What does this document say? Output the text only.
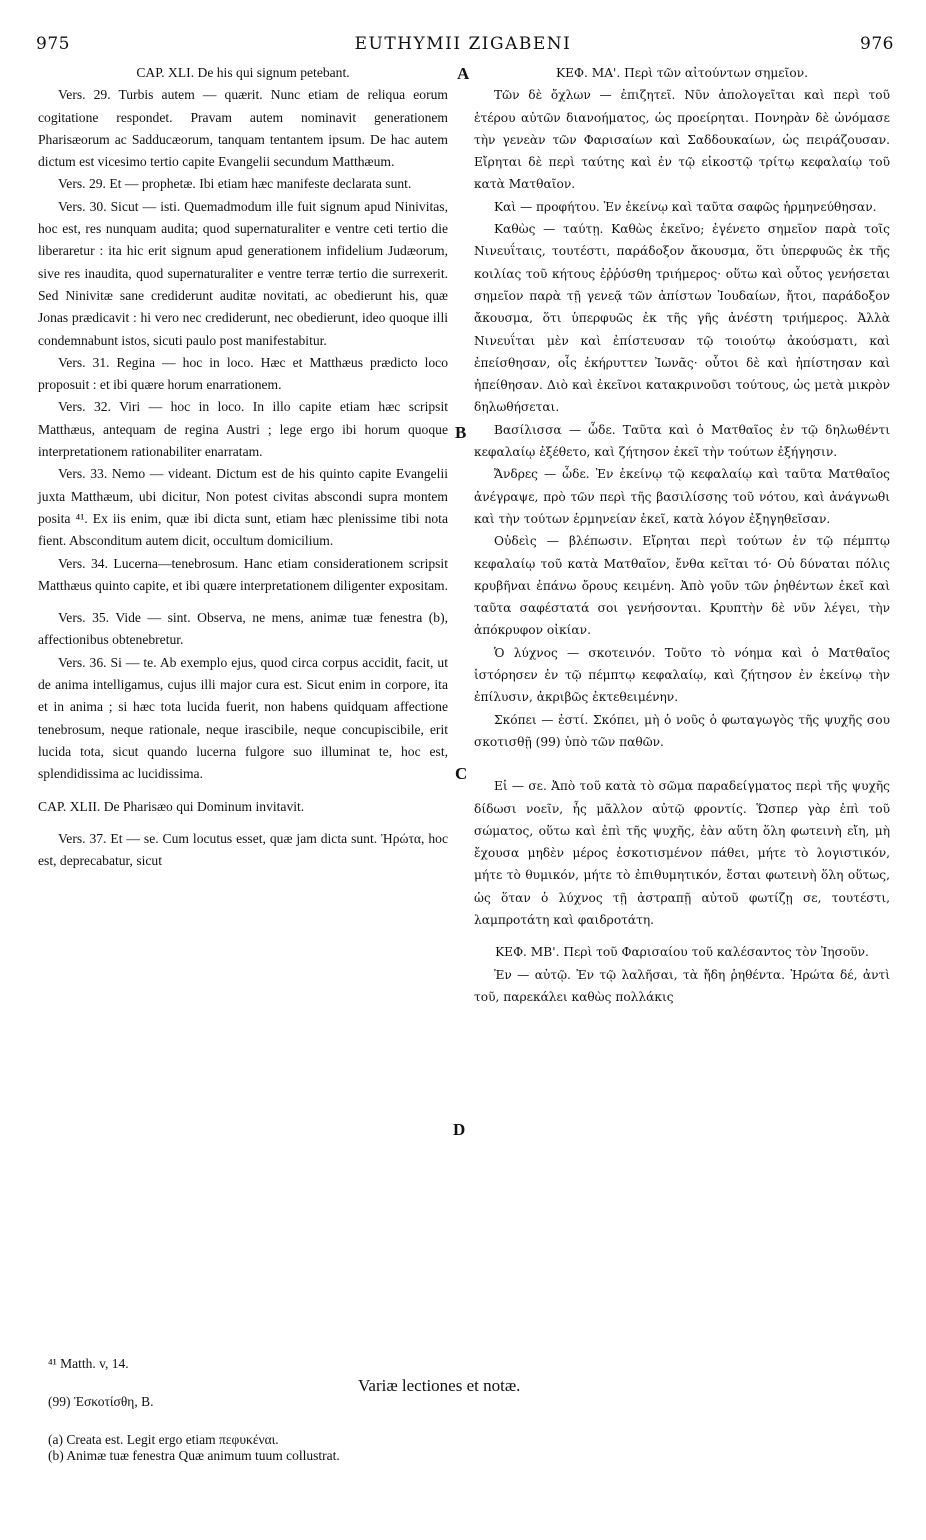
975	EUTHYMII ZIGABENI	976
A
B
C
D

CAP. XLI. De his qui signum petebant.

Vers. 29. Turbis autem — quærit. Nunc etiam de reliqua eorum cogitatione respondet. Pravam autem nominavit generationem Pharisæorum ac Sadducæorum, tanquam tentantem ipsum. De hac autem dictum est vicesimo tertio capite Evangelii secundum Matthæum.

Vers. 29. Et — prophetæ. Ibi etiam hæc manifeste declarata sunt.

Vers. 30. Sicut — isti. Quemadmodum ille fuit signum apud Ninivitas, hoc est, res nunquam audita; quod supernaturaliter e ventre ceti tertio die liberaretur : ita hic erit signum apud generationem infidelium Judæorum, sive res inaudita, quod supernaturaliter e ventre terræ tertio die surrexerit. Sed Ninivitæ sane crediderunt auditæ novitati, ac obedierunt his, quæ Jonas prædicavit : hi vero nec crediderunt, nec obedierunt, ideo quoque illi condemnabunt istos, sicuti paulo post manifestabitur.

Vers. 31. Regina — hoc in loco. Hæc et Matthæus prædicto loco proposuit : et ibi quære horum enarrationem.

Vers. 32. Viri — hoc in loco. In illo capite etiam hæc scripsit Matthæus, antequam de regina Austri ; lege ergo ibi horum quoque interpretationem rationabiliter enarratam.

Vers. 33. Nemo — videant. Dictum est de his quinto capite Evangelii juxta Matthæum, ubi dicitur, Non potest civitas abscondi supra montem posita ⁴¹. Ex iis enim, quæ ibi dicta sunt, etiam hæc plenissime tibi nota fient. Absconditum autem dicit, occultum domicilium.

Vers. 34. Lucerna—tenebrosum. Hanc etiam considerationem scripsit Matthæus quinto capite, et ibi quære interpretationem diligenter expositam.

Vers. 35. Vide — sint. Observa, ne mens, animæ tuæ fenestra (b), affectionibus obtenebretur.

Vers. 36. Si — te. Ab exemplo ejus, quod circa corpus accidit, facit, ut de anima intelligamus, cujus illi major cura est. Sicut enim in corpore, ita et in anima ; si hæc tota lucida fuerit, non habens quidquam affectione tenebrosum, neque rationale, neque irascibile, neque concupiscibile, erit lucida tota, sicut quando lucerna fulgore suo illuminat te, hoc est, splendidissima ac lucidissima.

CAP. XLII. De Pharisæo qui Dominum invitavit.

Vers. 37. Et — se. Cum locutus esset, quæ jam dicta sunt. Ἠρώτα, hoc est, deprecabatur, sicut

ΚΕΦ. ΜΑ'. Περὶ τῶν αἰτούντων σημεῖον.

Τῶν δὲ ὄχλων — ἐπιζητεῖ. Νῦν ἀπολογεῖται καὶ περὶ τοῦ ἑτέρου αὐτῶν διανοήματος, ὡς προείρηται. Πονηρὰν δὲ ὠνόμασε τὴν γενεὰν τῶν Φαρισαίων καὶ Σαδδουκαίων, ὡς πειράζουσαν. Εἴρηται δὲ περὶ ταύτης καὶ ἐν τῷ εἰκοστῷ τρίτῳ κεφαλαίῳ τοῦ κατὰ Ματθαῖον.

Καὶ — προφήτου. Ἐν ἐκείνῳ καὶ ταῦτα σαφῶς ἡρμηνεύθησαν.

Καθὼς — ταύτῃ. Καθὼς ἐκεῖνο; ἐγένετο σημεῖον παρὰ τοῖς Νινευΐταις, τουτέστι, παράδοξον ἄκουσμα, ὅτι ὑπερφυῶς ἐκ τῆς κοιλίας τοῦ κήτους ἐῤῥύσθη τριήμερος· οὕτω καὶ οὗτος γενήσεται σημεῖον παρὰ τῇ γενεᾷ τῶν ἀπίστων Ἰουδαίων, ἤτοι, παράδοξον ἄκουσμα, ὅτι ὑπερφυῶς ἐκ τῆς γῆς ἀνέστη τριήμερος. Ἀλλὰ Νινευΐται μὲν καὶ ἐπίστευσαν τῷ τοιούτῳ ἀκούσματι, καὶ ἐπείσθησαν, οἷς ἐκήρυττεν Ἰωνᾶς· οὗτοι δὲ καὶ ἠπίστησαν καὶ ἠπείθησαν. Διὸ καὶ ἐκεῖνοι κατακρινοῦσι τούτους, ὡς μετὰ μικρὸν δηλωθήσεται.

Βασίλισσα — ὧδε. Ταῦτα καὶ ὁ Ματθαῖος ἐν τῷ δηλωθέντι κεφαλαίῳ ἐξέθετο, καὶ ζήτησον ἐκεῖ τὴν τούτων ἐξήγησιν.

Ἄνδρες — ὧδε. Ἐν ἐκείνῳ τῷ κεφαλαίῳ καὶ ταῦτα Ματθαῖος ἀνέγραψε, πρὸ τῶν περὶ τῆς βασιλίσσης τοῦ νότου, καὶ ἀνάγνωθι καὶ τὴν τούτων ἑρμηνείαν ἐκεῖ, κατὰ λόγον ἐξηγηθεῖσαν.

Οὐδεὶς — βλέπωσιν. Εἴρηται περὶ τούτων ἐν τῷ πέμπτῳ κεφαλαίῳ τοῦ κατὰ Ματθαῖον, ἔνθα κεῖται τό· Οὐ δύναται πόλις κρυβῆναι ἐπάνω ὄρους κειμένη. Ἀπὸ γοῦν τῶν ῥηθέντων ἐκεῖ καὶ ταῦτα σαφέστατά σοι γενήσονται. Κρυπτὴν δὲ νῦν λέγει, τὴν ἀπόκρυφον οἰκίαν.

Ὁ λύχνος — σκοτεινόν. Τοῦτο τὸ νόημα καὶ ὁ Ματθαῖος ἱστόρησεν ἐν τῷ πέμπτῳ κεφαλαίῳ, καὶ ζήτησον ἐν ἐκείνῳ τὴν ἐπίλυσιν, ἀκριβῶς ἐκτεθειμένην.

Σκόπει — ἐστί. Σκόπει, μὴ ὁ νοῦς ὁ φωταγωγὸς τῆς ψυχῆς σου σκοτισθῇ (99) ὑπὸ τῶν παθῶν.

Εἰ — σε. Ἀπὸ τοῦ κατὰ τὸ σῶμα παραδείγματος περὶ τῆς ψυχῆς δίδωσι νοεῖν, ἧς μᾶλλον αὐτῷ φροντίς. Ὥσπερ γὰρ ἐπὶ τοῦ σώματος, οὕτω καὶ ἐπὶ τῆς ψυχῆς, ἐὰν αὕτη ὅλη φωτεινὴ εἴη, μὴ ἔχουσα μηδὲν μέρος ἐσκοτισμένον πάθει, μήτε τὸ λογιστικόν, μήτε τὸ θυμικόν, μήτε τὸ ἐπιθυμητικόν, ἔσται φωτεινὴ ὅλη οὕτως, ὡς ὅταν ὁ λύχνος τῇ ἀστραπῇ αὐτοῦ φωτίζῃ σε, τουτέστι, λαμπροτάτη καὶ φαιδροτάτη.

ΚΕΦ. ΜΒ'. Περὶ τοῦ Φαρισαίου τοῦ καλέσαντος τὸν Ἰησοῦν.

Ἐν — αὐτῷ. Ἐν τῷ λαλῆσαι, τὰ ἤδη ῥηθέντα. Ἠρώτα δέ, ἀντὶ τοῦ, παρεκάλει καθὼς πολλάκις

⁴¹ Matth. v, 14.
Variæ lectiones et notæ.
(99) Ἐσκοτίσθη, B.
(a) Creata est. Legit ergo etiam πεφυκέναι.
(b) Animæ tuæ fenestra Quæ animum tuum collustrat.
